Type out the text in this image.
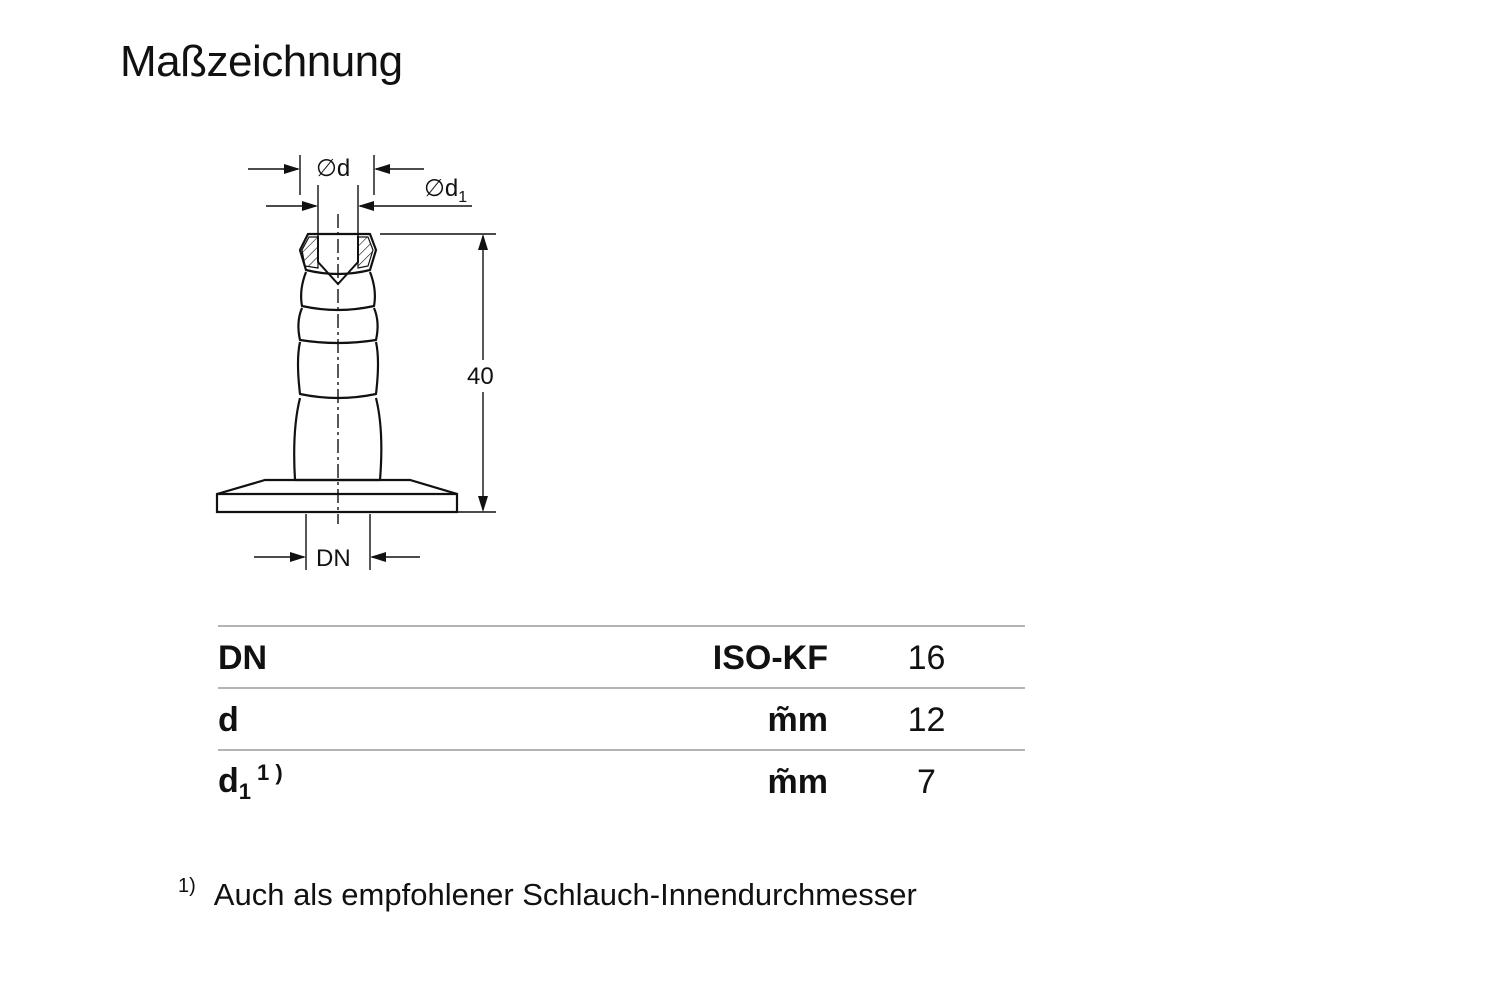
Maßzeichnung
∅d
$\emptyset d_1$
40
DN
DN	ISO-KF	16
d	m̃m	12
$d_1^{1 )}$	m̃m	7
$^{1)}$ Auch als empfohlener Schlauch-Innendurchmesser
